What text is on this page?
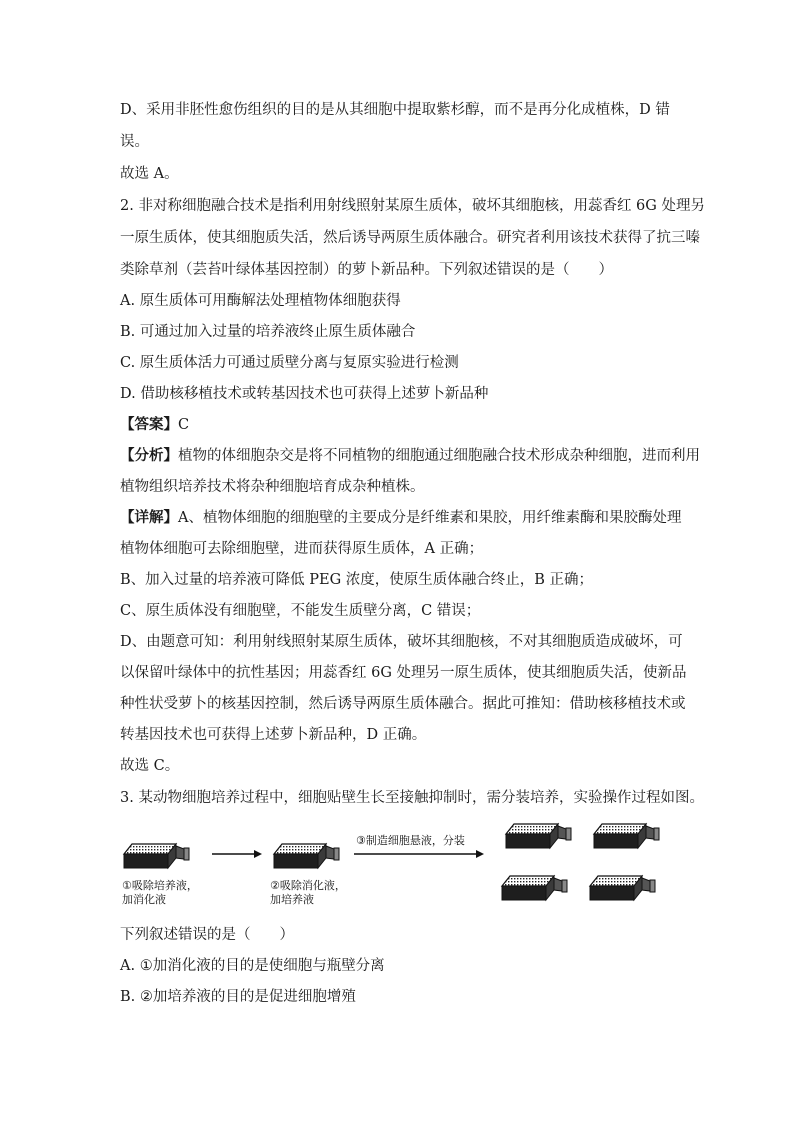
D、采用非胚性愈伤组织的目的是从其细胞中提取紫杉醇，而不是再分化成植株，D 错
误。
故选 A。
2. 非对称细胞融合技术是指利用射线照射某原生质体，破坏其细胞核，用蕊香红 6G 处理另
一原生质体，使其细胞质失活，然后诱导两原生质体融合。研究者利用该技术获得了抗三嗪
类除草剂（芸苔叶绿体基因控制）的萝卜新品种。下列叙述错误的是（　　）
A. 原生质体可用酶解法处理植物体细胞获得
B. 可通过加入过量的培养液终止原生质体融合
C. 原生质体活力可通过质壁分离与复原实验进行检测
D. 借助核移植技术或转基因技术也可获得上述萝卜新品种
【答案】C
【分析】植物的体细胞杂交是将不同植物的细胞通过细胞融合技术形成杂种细胞，进而利用
植物组织培养技术将杂种细胞培育成杂种植株。
【详解】A、植物体细胞的细胞壁的主要成分是纤维素和果胶，用纤维素酶和果胶酶处理
植物体细胞可去除细胞壁，进而获得原生质体，A 正确；
B、加入过量的培养液可降低 PEG 浓度，使原生质体融合终止，B 正确；
C、原生质体没有细胞壁，不能发生质壁分离，C 错误；
D、由题意可知：利用射线照射某原生质体，破坏其细胞核，不对其细胞质造成破坏，可
以保留叶绿体中的抗性基因；用蕊香红 6G 处理另一原生质体，使其细胞质失活，使新品
种性状受萝卜的核基因控制，然后诱导两原生质体融合。据此可推知：借助核移植技术或
转基因技术也可获得上述萝卜新品种，D 正确。
故选 C。
3. 某动物细胞培养过程中，细胞贴壁生长至接触抑制时，需分装培养，实验操作过程如图。
③制造细胞悬液，分装
①吸除培养液，
加消化液
②吸除消化液，
加培养液
下列叙述错误的是（　　）
A. ①加消化液的目的是使细胞与瓶壁分离
B. ②加培养液的目的是促进细胞增殖
